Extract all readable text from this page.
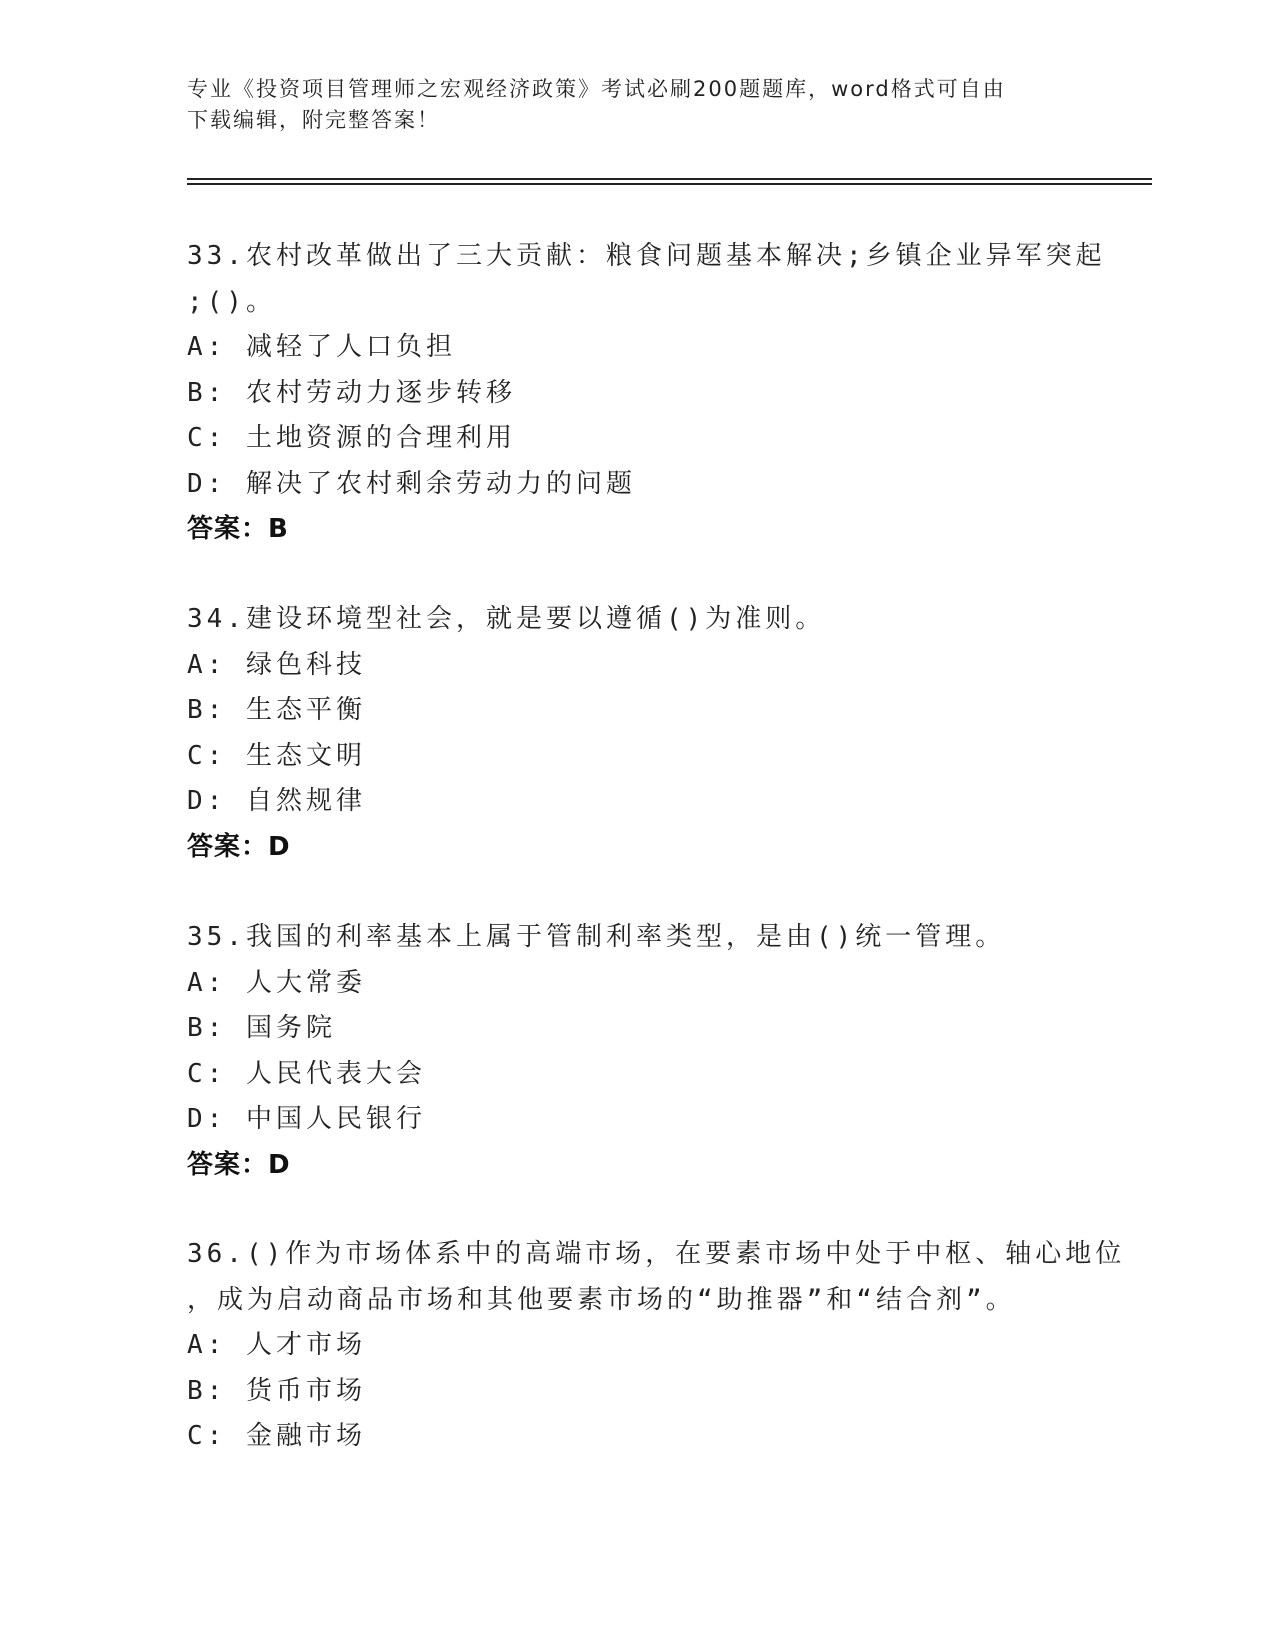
专业《投资项目管理师之宏观经济政策》考试必刷200题题库，word格式可自由
下载编辑，附完整答案！
33.农村改革做出了三大贡献：粮食问题基本解决;乡镇企业异军突起
;()。
A: 减轻了人口负担
B: 农村劳动力逐步转移
C: 土地资源的合理利用
D: 解决了农村剩余劳动力的问题
答案：B
34.建设环境型社会，就是要以遵循()为准则。
A: 绿色科技
B: 生态平衡
C: 生态文明
D: 自然规律
答案：D
35.我国的利率基本上属于管制利率类型，是由()统一管理。
A: 人大常委
B: 国务院
C: 人民代表大会
D: 中国人民银行
答案：D
36.()作为市场体系中的高端市场，在要素市场中处于中枢、轴心地位
，成为启动商品市场和其他要素市场的“助推器”和“结合剂”。
A: 人才市场
B: 货币市场
C: 金融市场
